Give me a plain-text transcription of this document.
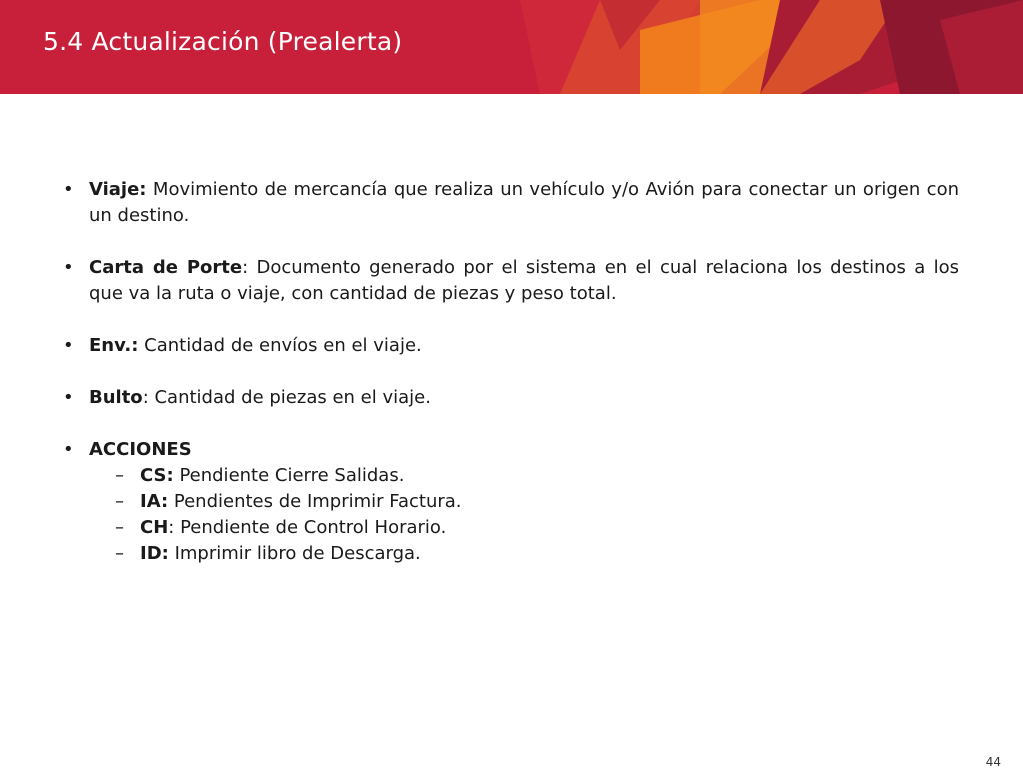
5.4 Actualización (Prealerta)
• Viaje: Movimiento de mercancía que realiza un vehículo y/o Avión para conectar un origen con un destino.
• Carta de Porte: Documento generado por el sistema en el cual relaciona los destinos a los que va la ruta o viaje, con cantidad de piezas y peso total.
• Env.: Cantidad de envíos en el viaje.
• Bulto: Cantidad de piezas en el viaje.
• ACCIONES
– CS: Pendiente Cierre Salidas.
– IA: Pendientes de Imprimir Factura.
– CH: Pendiente de Control Horario.
– ID: Imprimir libro de Descarga.
44
